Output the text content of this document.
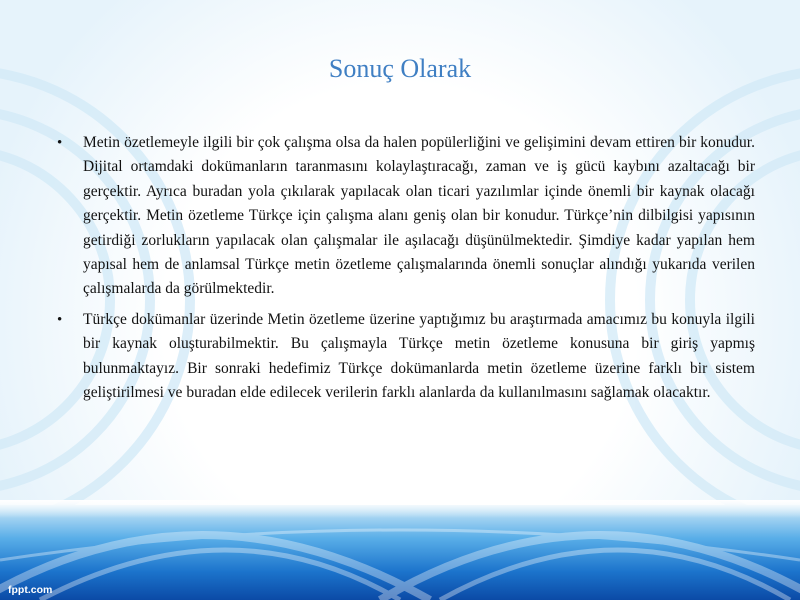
Sonuç Olarak
• Metin özetlemeyle ilgili bir çok çalışma olsa da halen popülerliğini ve gelişimini devam ettiren bir konudur. Dijital ortamdaki dokümanların taranmasını kolaylaştıracağı, zaman ve iş gücü kaybını azaltacağı bir gerçektir. Ayrıca buradan yola çıkılarak yapılacak olan ticari yazılımlar içinde önemli bir kaynak olacağı gerçektir. Metin özetleme Türkçe için çalışma alanı geniş olan bir konudur. Türkçe’nin dilbilgisi yapısının getirdiği zorlukların yapılacak olan çalışmalar ile aşılacağı düşünülmektedir. Şimdiye kadar yapılan hem yapısal hem de anlamsal Türkçe metin özetleme çalışmalarında önemli sonuçlar alındığı yukarıda verilen çalışmalarda da görülmektedir.
• Türkçe dokümanlar üzerinde Metin özetleme üzerine yaptığımız bu araştırmada amacımız bu konuyla ilgili bir kaynak oluşturabilmektir. Bu çalışmayla Türkçe metin özetleme konusuna bir giriş yapmış bulunmaktayız. Bir sonraki hedefimiz Türkçe dokümanlarda metin özetleme üzerine farklı bir sistem geliştirilmesi ve buradan elde edilecek verilerin farklı alanlarda da kullanılmasını sağlamak olacaktır.
fppt.com
